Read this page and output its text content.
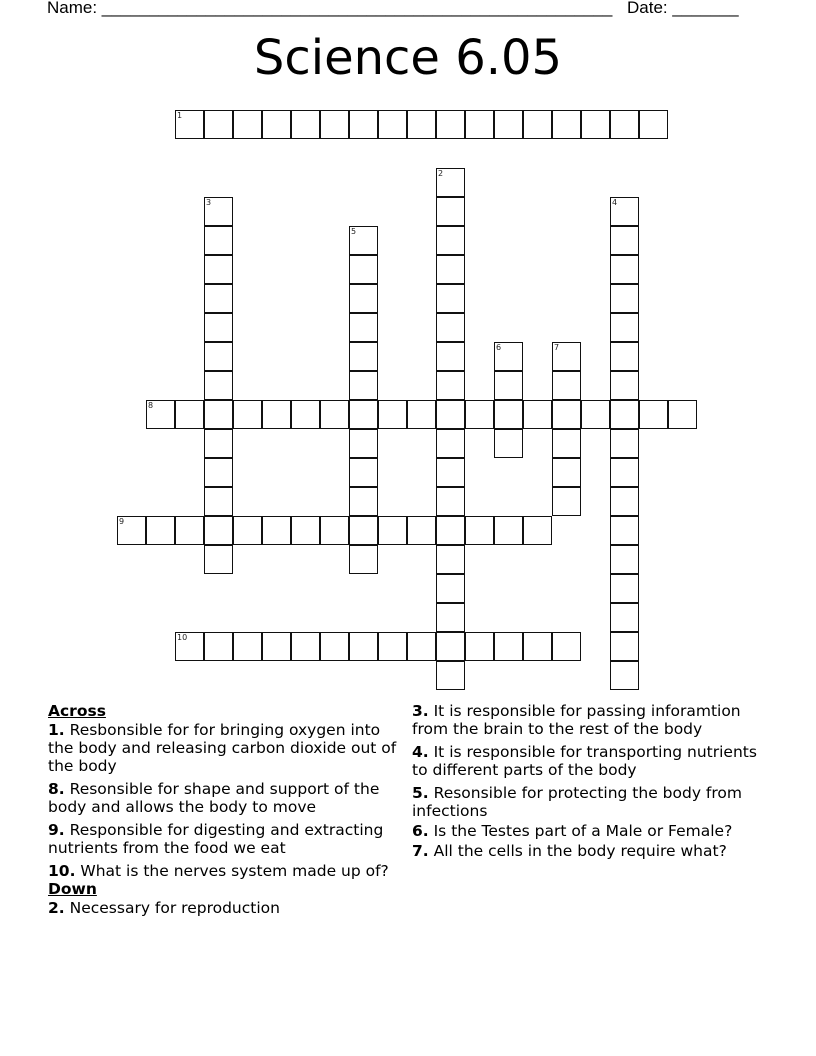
Name: ______________________________________________________ Date: _______
Science 6.05
1
2
3	4
5
6	7
8
9
10
Across
1. Resbonsible for for bringing oxygen into the body and releasing carbon dioxide out of the body
8. Resonsible for shape and support of the body and allows the body to move
9. Responsible for digesting and extracting nutrients from the food we eat
10. What is the nerves system made up of?
Down
2. Necessary for reproduction
3. It is responsible for passing inforamtion from the brain to the rest of the body
4. It is responsible for transporting nutrients to different parts of the body
5. Resonsible for protecting the body from infections
6. Is the Testes part of a Male or Female?
7. All the cells in the body require what?
